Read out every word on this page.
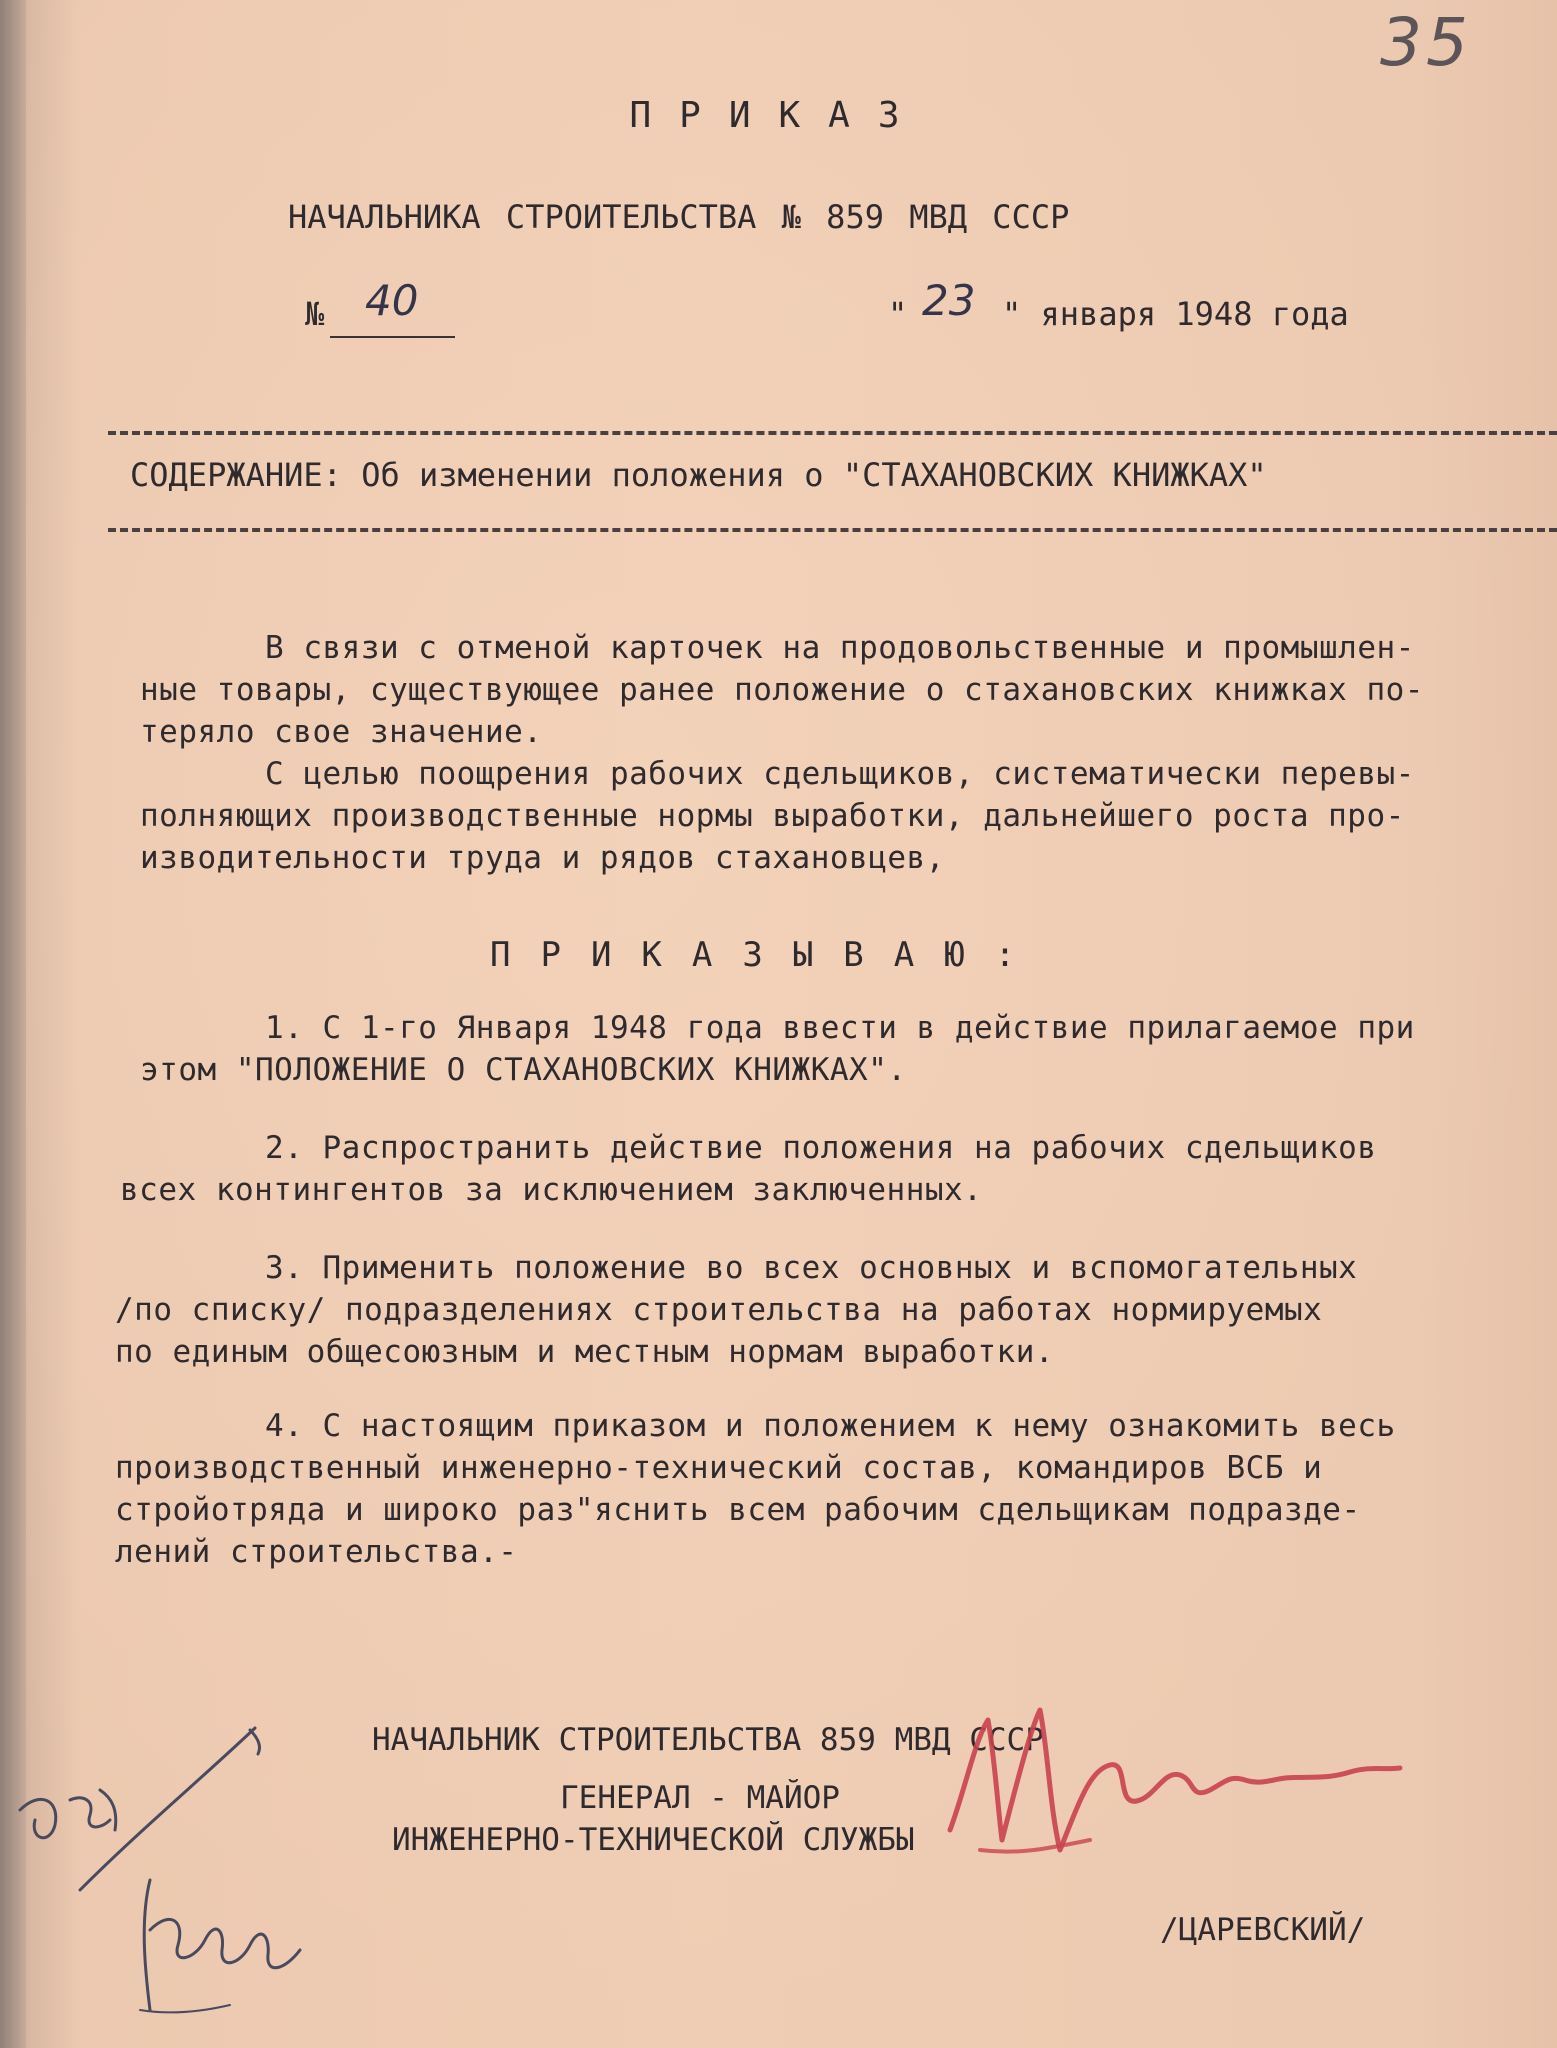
35
ПРИКАЗ
НАЧАЛЬНИКА СТРОИТЕЛЬСТВА № 859 МВД СССР
№ 40	" 23 " января 1948 года
СОДЕРЖАНИЕ: Об изменении положения о "СТАХАНОВСКИХ КНИЖКАХ"
В связи с отменой карточек на продовольственные и промышлен-
ные товары, существующее ранее положение о стахановских книжках по-
теряло свое значение.
С целью поощрения рабочих сдельщиков, систематически перевы-
полняющих производственные нормы выработки, дальнейшего роста про-
изводительности труда и рядов стахановцев,
ПРИКАЗЫВАЮ:
1. С 1-го Января 1948 года ввести в действие прилагаемое при
этом "ПОЛОЖЕНИЕ О СТАХАНОВСКИХ КНИЖКАХ".
2. Распространить действие положения на рабочих сдельщиков
всех контингентов за исключением заключенных.
3. Применить положение во всех основных и вспомогательных
/по списку/ подразделениях строительства на работах нормируемых
по единым общесоюзным и местным нормам выработки.
4. С настоящим приказом и положением к нему ознакомить весь
производственный инженерно-технический состав, командиров ВСБ и
стройотряда и широко раз"яснить всем рабочим сдельщикам подразде-
лений строительства.-
НАЧАЛЬНИК СТРОИТЕЛЬСТВА 859 МВД СССР
ГЕНЕРАЛ - МАЙОР
ИНЖЕНЕРНО-ТЕХНИЧЕСКОЙ СЛУЖБЫ
/ЦАРЕВСКИЙ/
